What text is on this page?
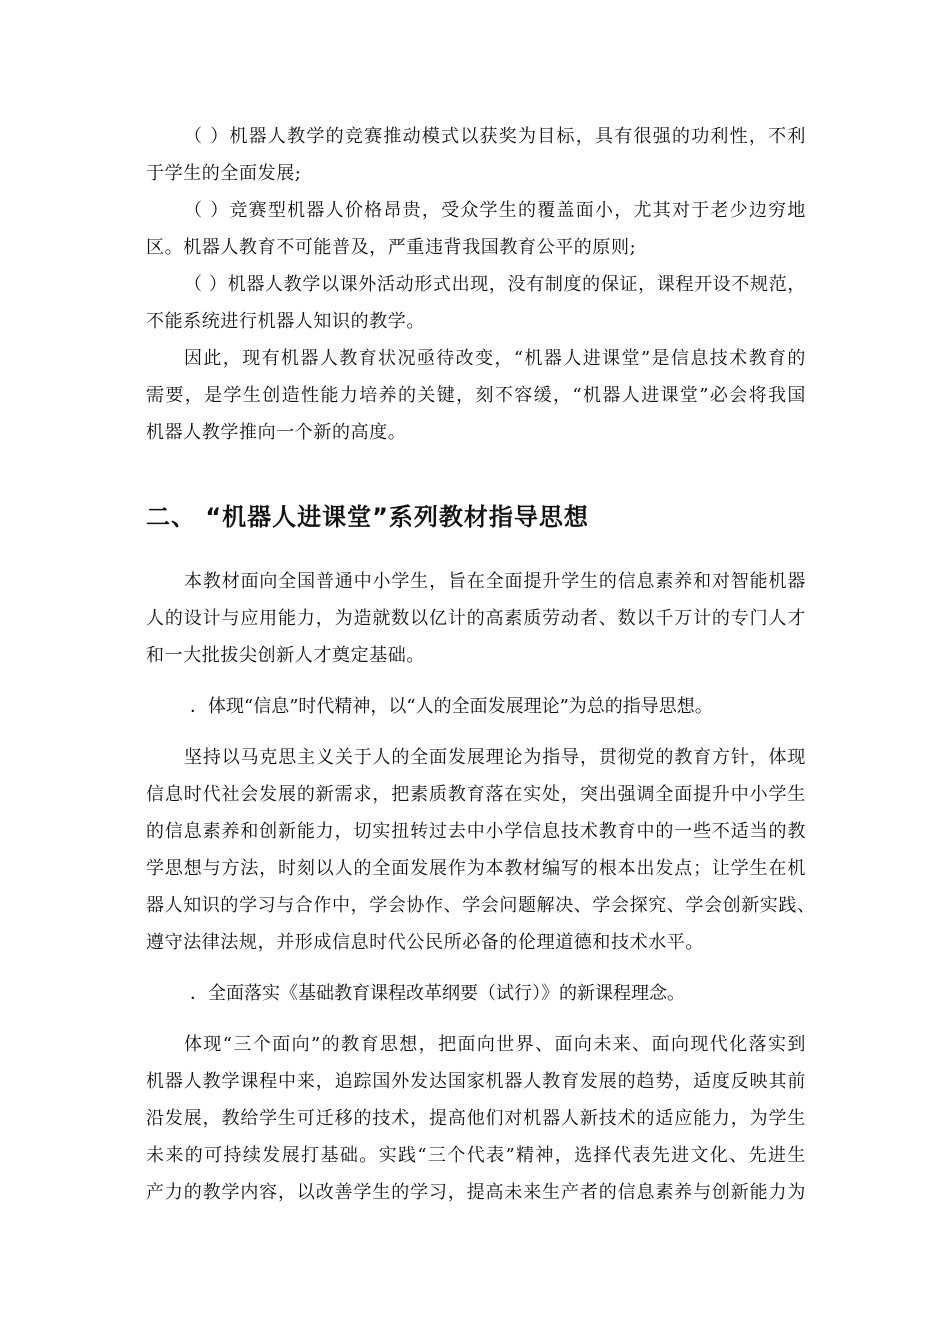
（ ）机器人教学的竞赛推动模式以获奖为目标，具有很强的功利性，不利
于学生的全面发展;
（ ）竞赛型机器人价格昂贵，受众学生的覆盖面小，尤其对于老少边穷地
区。机器人教育不可能普及，严重违背我国教育公平的原则;
（ ）机器人教学以课外活动形式出现，没有制度的保证，课程开设不规范，
不能系统进行机器人知识的教学。
因此，现有机器人教育状况亟待改变，“机器人进课堂”是信息技术教育的
需要，是学生创造性能力培养的关键，刻不容缓，“机器人进课堂”必会将我国
机器人教学推向一个新的高度。
二、 “机器人进课堂”系列教材指导思想
本教材面向全国普通中小学生，旨在全面提升学生的信息素养和对智能机器
人的设计与应用能力，为造就数以亿计的高素质劳动者、数以千万计的专门人才
和一大批拔尖创新人才奠定基础。
．体现“信息”时代精神，以“人的全面发展理论”为总的指导思想。
坚持以马克思主义关于人的全面发展理论为指导，贯彻党的教育方针，体现
信息时代社会发展的新需求，把素质教育落在实处，突出强调全面提升中小学生
的信息素养和创新能力，切实扭转过去中小学信息技术教育中的一些不适当的教
学思想与方法，时刻以人的全面发展作为本教材编写的根本出发点；让学生在机
器人知识的学习与合作中，学会协作、学会问题解决、学会探究、学会创新实践、
遵守法律法规，并形成信息时代公民所必备的伦理道德和技术水平。
．全面落实《基础教育课程改革纲要（试行）》的新课程理念。
体现“三个面向”的教育思想，把面向世界、面向未来、面向现代化落实到
机器人教学课程中来，追踪国外发达国家机器人教育发展的趋势，适度反映其前
沿发展，教给学生可迁移的技术，提高他们对机器人新技术的适应能力，为学生
未来的可持续发展打基础。实践“三个代表”精神，选择代表先进文化、先进生
产力的教学内容，以改善学生的学习，提高未来生产者的信息素养与创新能力为
